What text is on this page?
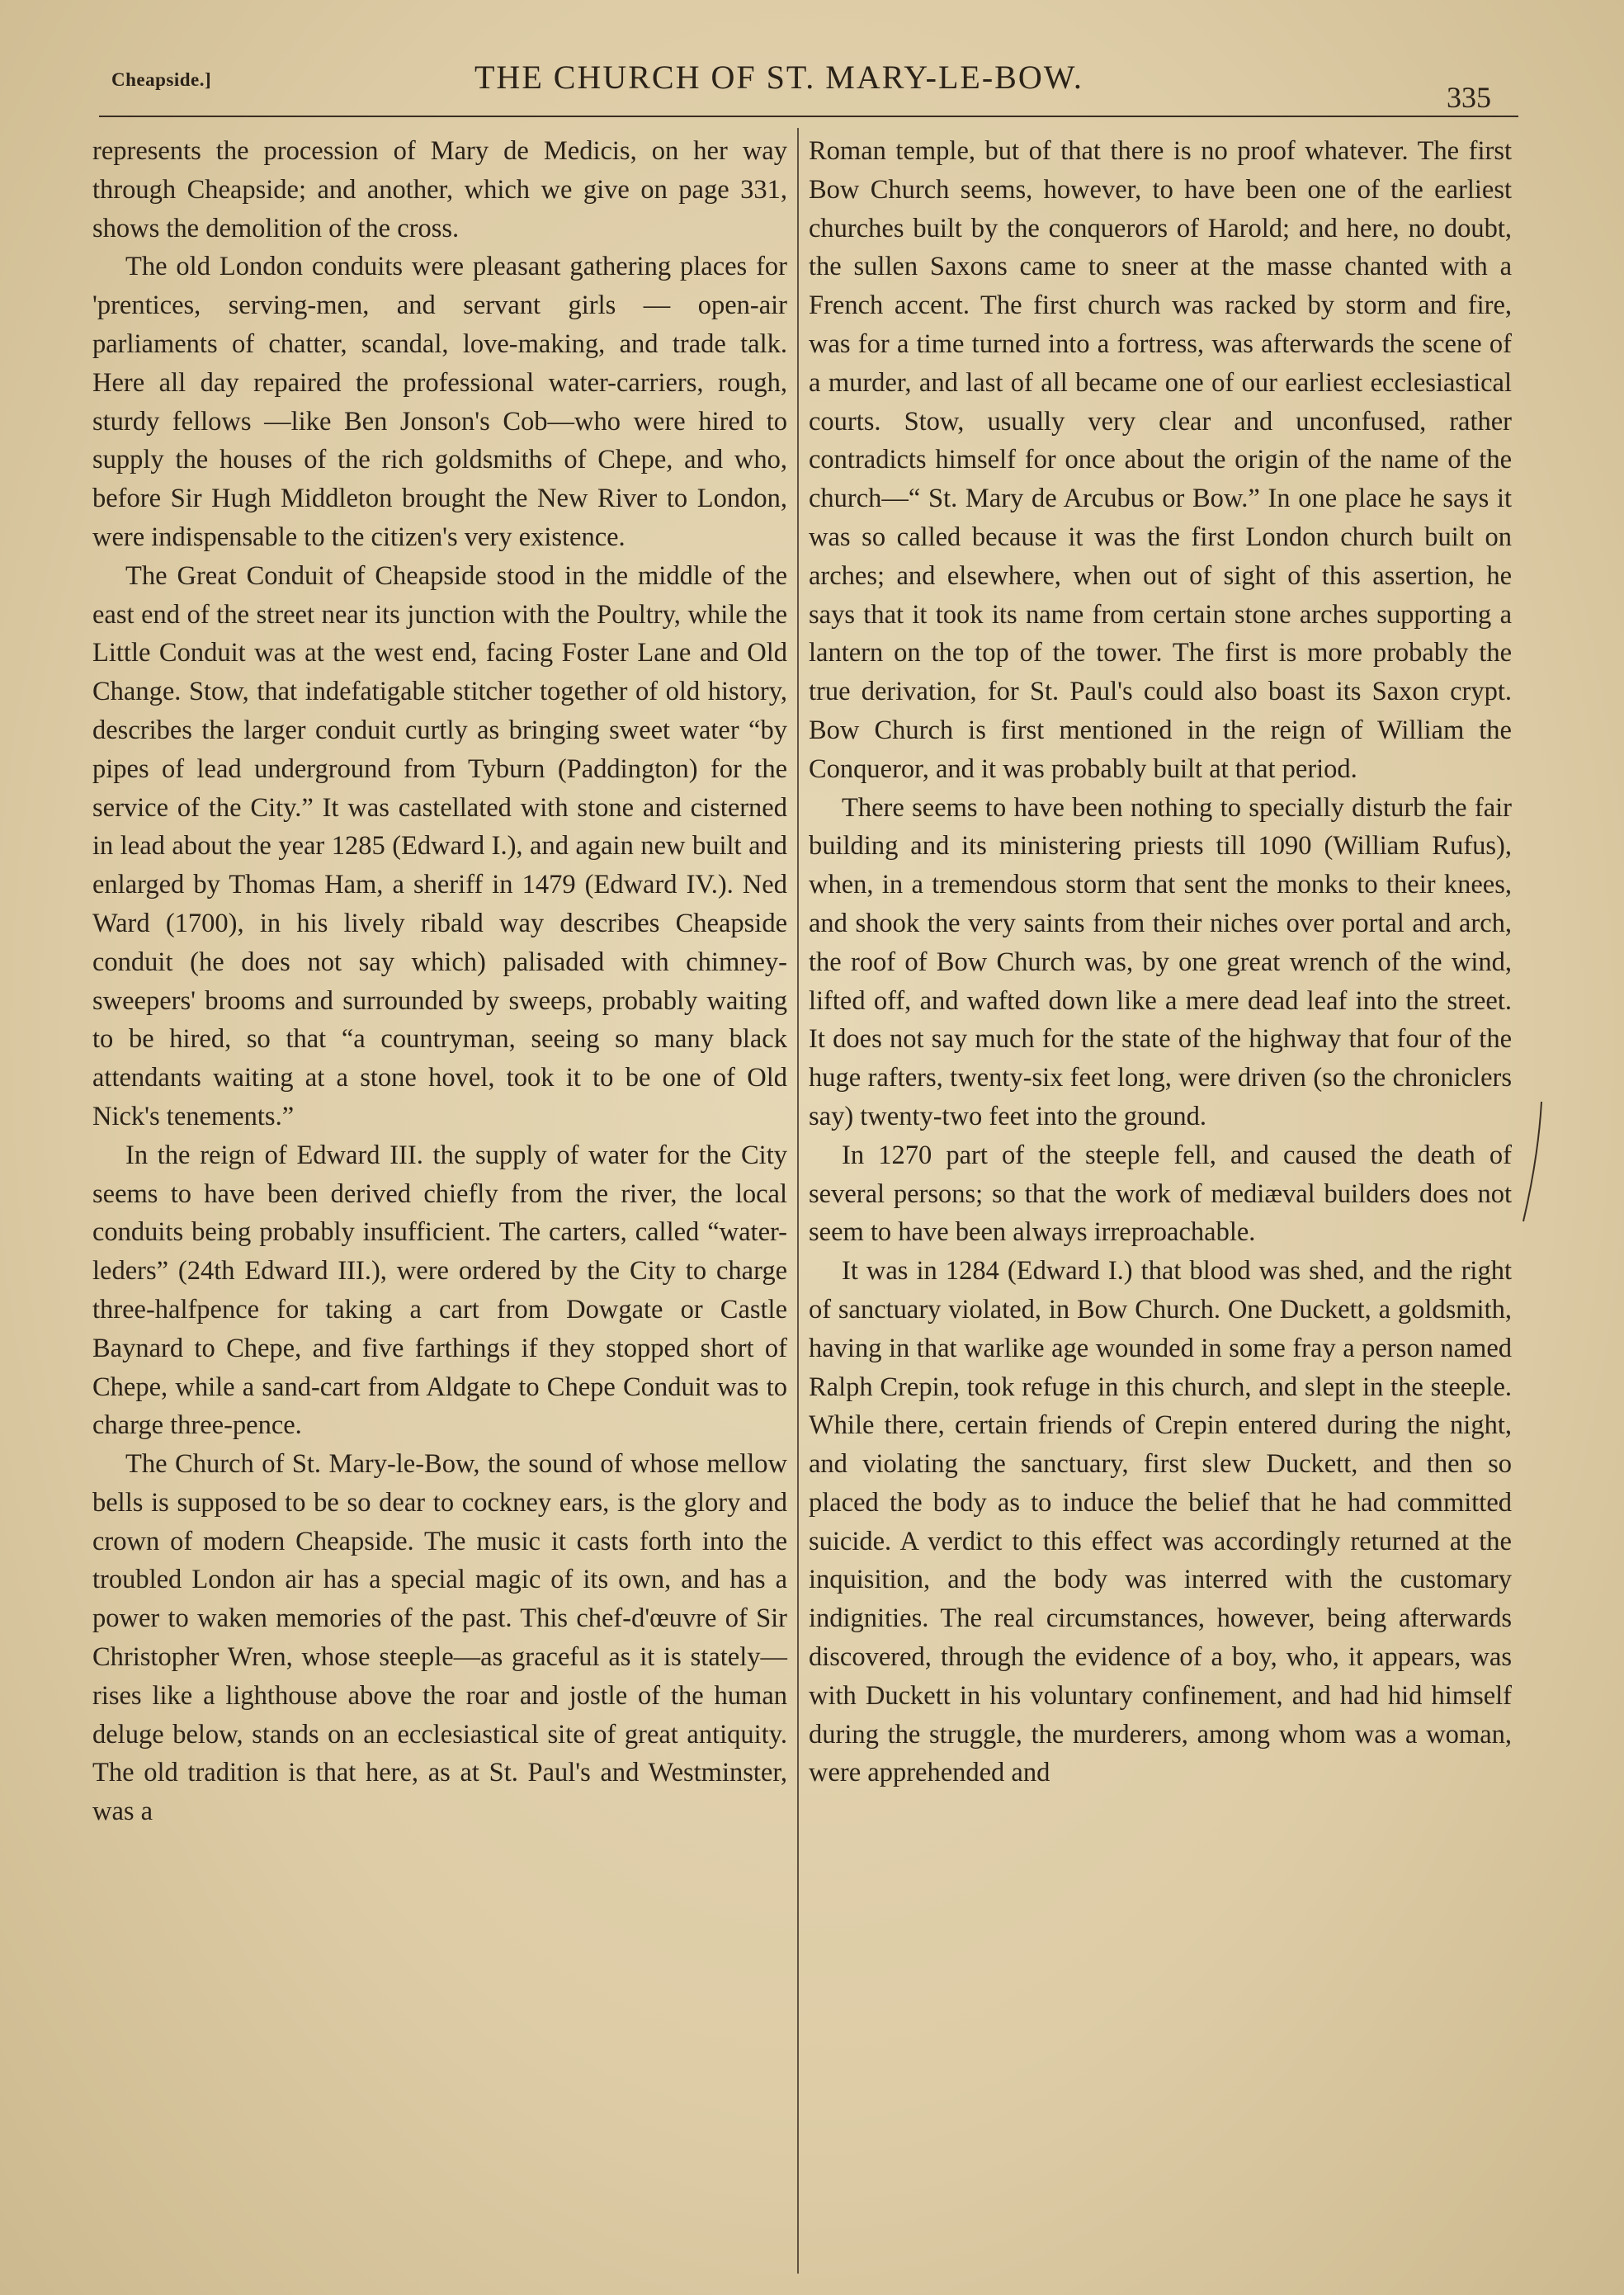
Cheapside.]	THE CHURCH OF ST. MARY-LE-BOW.
335

represents the procession of Mary de Medicis, on her way through Cheapside; and another, which we give on page 331, shows the demolition of the cross.

The old London conduits were pleasant gathering places for 'prentices, serving-men, and servant girls — open-air parliaments of chatter, scandal, love-making, and trade talk. Here all day repaired the professional water-carriers, rough, sturdy fellows —like Ben Jonson's Cob—who were hired to supply the houses of the rich goldsmiths of Chepe, and who, before Sir Hugh Middleton brought the New River to London, were indispensable to the citizen's very existence.

The Great Conduit of Cheapside stood in the middle of the east end of the street near its junction with the Poultry, while the Little Conduit was at the west end, facing Foster Lane and Old Change. Stow, that indefatigable stitcher together of old history, describes the larger conduit curtly as bringing sweet water “by pipes of lead underground from Tyburn (Paddington) for the service of the City.” It was castellated with stone and cisterned in lead about the year 1285 (Edward I.), and again new built and enlarged by Thomas Ham, a sheriff in 1479 (Edward IV.). Ned Ward (1700), in his lively ribald way describes Cheapside conduit (he does not say which) palisaded with chimney-sweepers' brooms and surrounded by sweeps, probably waiting to be hired, so that “a countryman, seeing so many black attendants waiting at a stone hovel, took it to be one of Old Nick's tenements.”

In the reign of Edward III. the supply of water for the City seems to have been derived chiefly from the river, the local conduits being probably insufficient. The carters, called “water-leders” (24th Edward III.), were ordered by the City to charge three-halfpence for taking a cart from Dowgate or Castle Baynard to Chepe, and five farthings if they stopped short of Chepe, while a sand-cart from Aldgate to Chepe Conduit was to charge three-pence.

The Church of St. Mary-le-Bow, the sound of whose mellow bells is supposed to be so dear to cockney ears, is the glory and crown of modern Cheapside. The music it casts forth into the troubled London air has a special magic of its own, and has a power to waken memories of the past. This chef-d'œuvre of Sir Christopher Wren, whose steeple—as graceful as it is stately—rises like a lighthouse above the roar and jostle of the human deluge below, stands on an ecclesiastical site of great antiquity. The old tradition is that here, as at St. Paul's and Westminster, was a

Roman temple, but of that there is no proof whatever. The first Bow Church seems, however, to have been one of the earliest churches built by the conquerors of Harold; and here, no doubt, the sullen Saxons came to sneer at the masse chanted with a French accent. The first church was racked by storm and fire, was for a time turned into a fortress, was afterwards the scene of a murder, and last of all became one of our earliest ecclesiastical courts. Stow, usually very clear and unconfused, rather contradicts himself for once about the origin of the name of the church—“ St. Mary de Arcubus or Bow.” In one place he says it was so called because it was the first London church built on arches; and elsewhere, when out of sight of this assertion, he says that it took its name from certain stone arches supporting a lantern on the top of the tower. The first is more probably the true derivation, for St. Paul's could also boast its Saxon crypt. Bow Church is first mentioned in the reign of William the Conqueror, and it was probably built at that period.

There seems to have been nothing to specially disturb the fair building and its ministering priests till 1090 (William Rufus), when, in a tremendous storm that sent the monks to their knees, and shook the very saints from their niches over portal and arch, the roof of Bow Church was, by one great wrench of the wind, lifted off, and wafted down like a mere dead leaf into the street. It does not say much for the state of the highway that four of the huge rafters, twenty-six feet long, were driven (so the chroniclers say) twenty-two feet into the ground.

In 1270 part of the steeple fell, and caused the death of several persons; so that the work of mediæval builders does not seem to have been always irreproachable.

It was in 1284 (Edward I.) that blood was shed, and the right of sanctuary violated, in Bow Church. One Duckett, a goldsmith, having in that warlike age wounded in some fray a person named Ralph Crepin, took refuge in this church, and slept in the steeple. While there, certain friends of Crepin entered during the night, and violating the sanctuary, first slew Duckett, and then so placed the body as to induce the belief that he had committed suicide. A verdict to this effect was accordingly returned at the inquisition, and the body was interred with the customary indignities. The real circumstances, however, being afterwards discovered, through the evidence of a boy, who, it appears, was with Duckett in his voluntary confinement, and had hid himself during the struggle, the murderers, among whom was a woman, were apprehended and
